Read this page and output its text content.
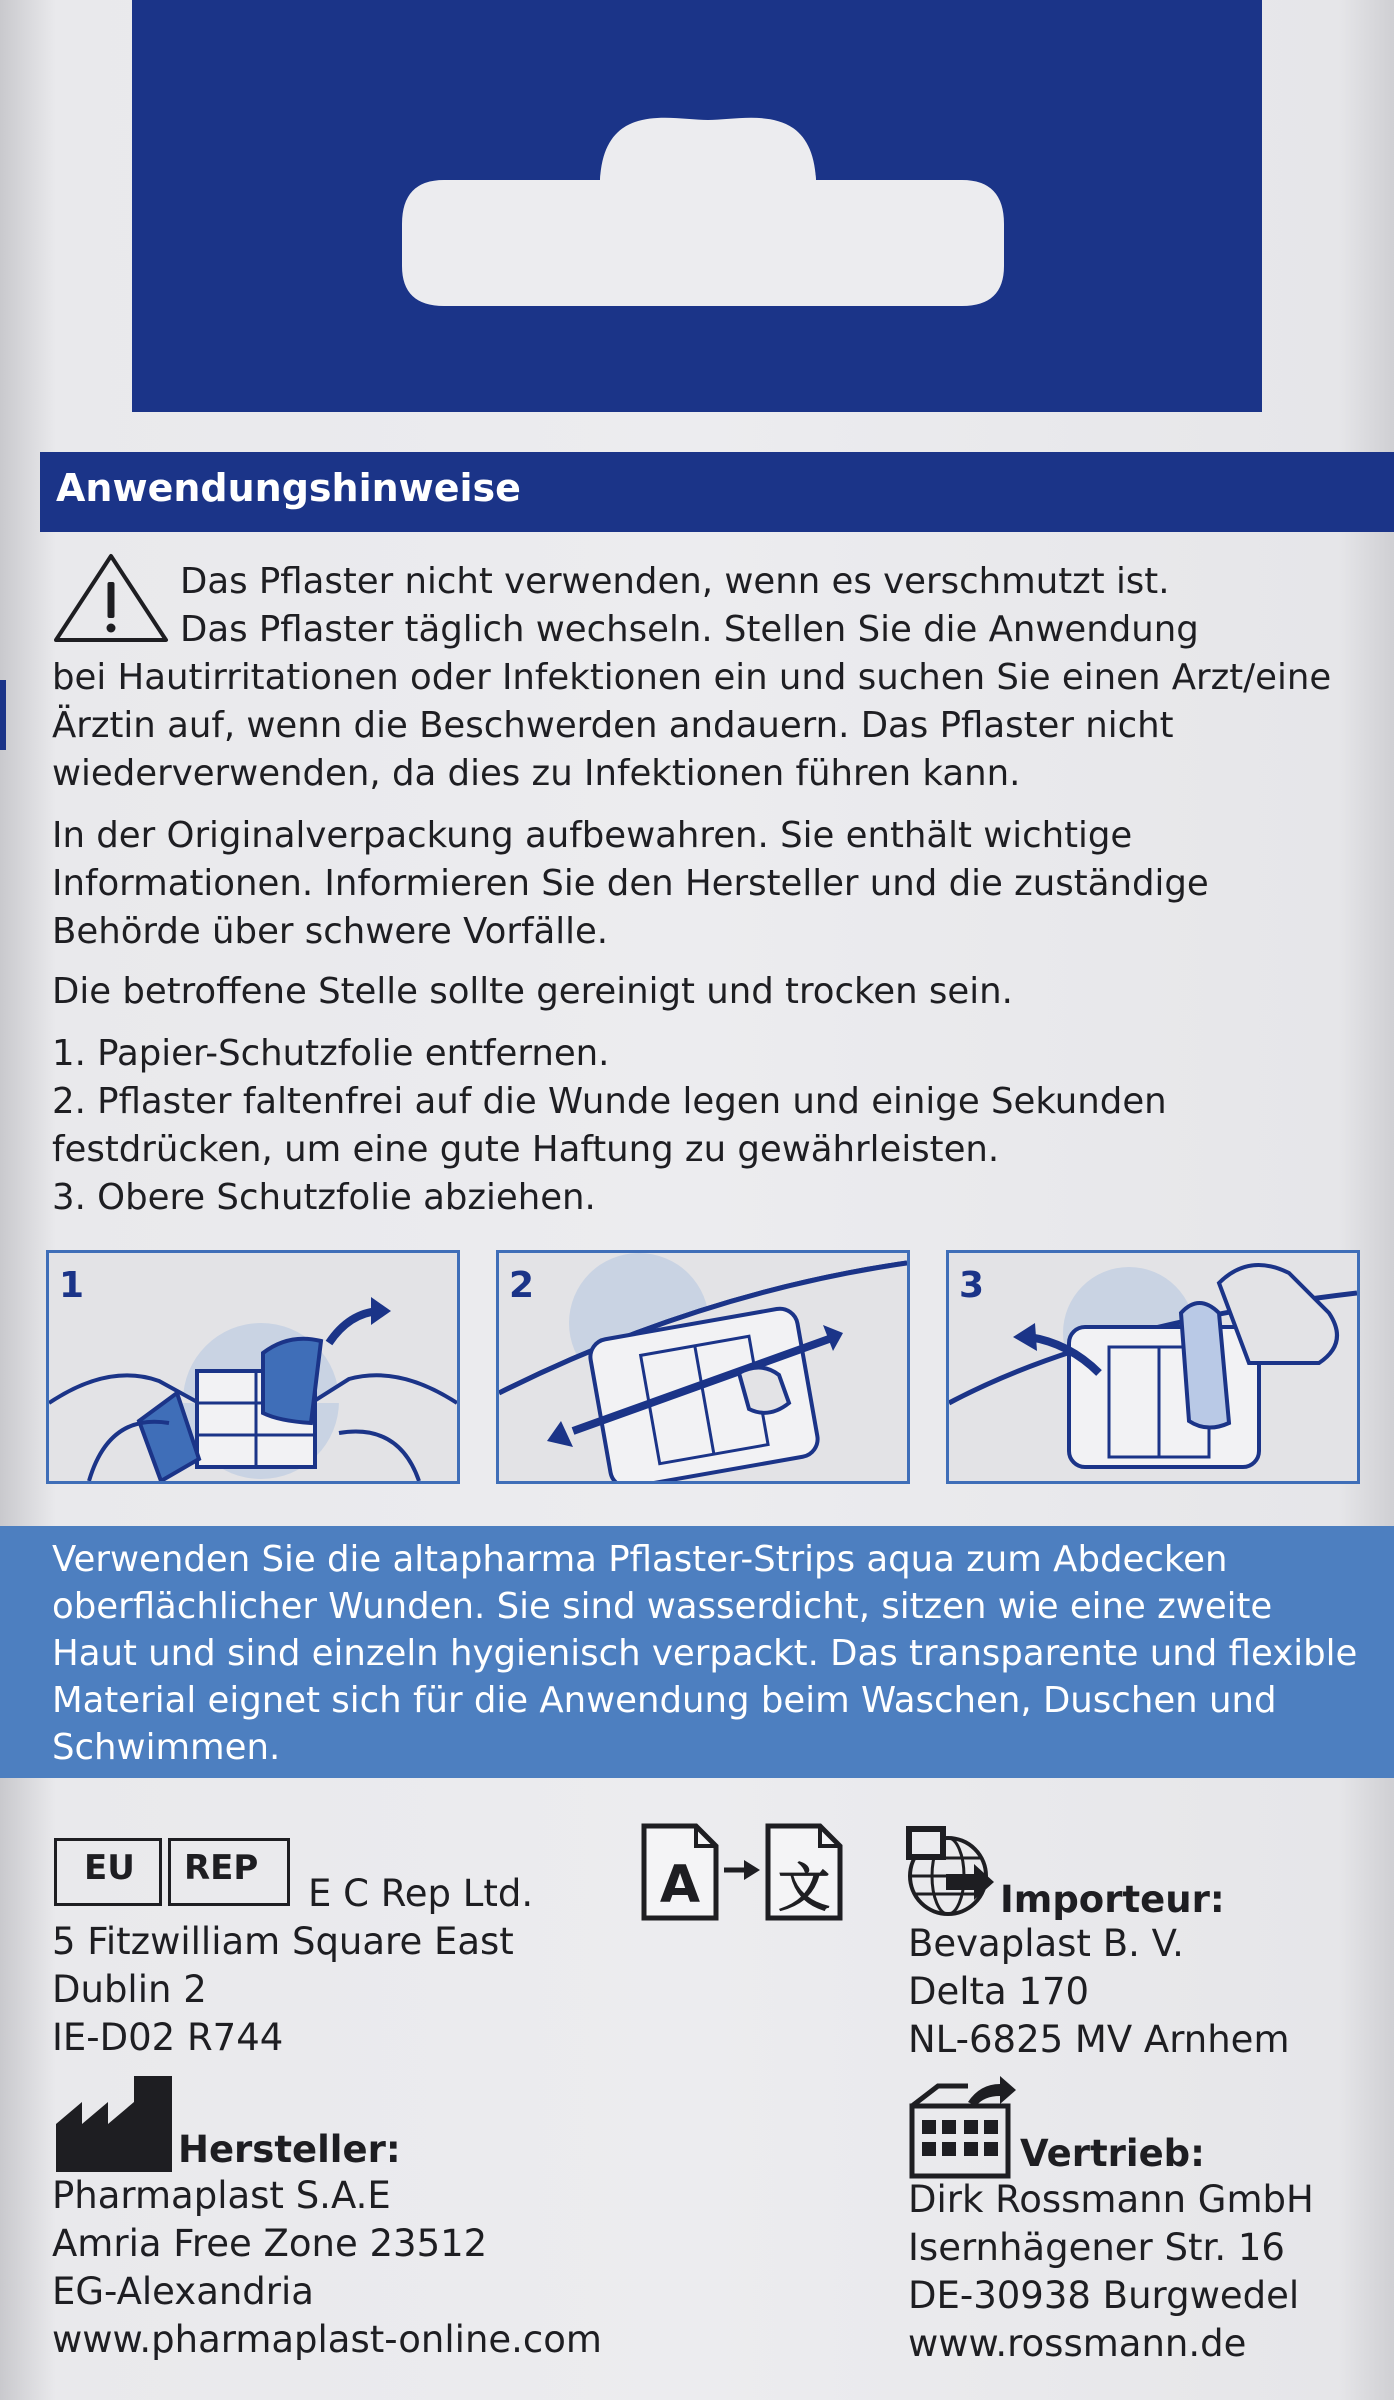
Anwendungshinweise

Das Pflaster nicht verwenden, wenn es verschmutzt ist.

Das Pflaster täglich wechseln. Stellen Sie die Anwendung

bei Hautirritationen oder Infektionen ein und suchen Sie einen Arzt/eine Ärztin auf, wenn die Beschwerden andauern. Das Pflaster nicht wiederverwenden, da dies zu Infektionen führen kann.

In der Originalverpackung aufbewahren. Sie enthält wichtige Informationen. Informieren Sie den Hersteller und die zuständige Behörde über schwere Vorfälle.

Die betroffene Stelle sollte gereinigt und trocken sein.

1. Papier-Schutzfolie entfernen.

2. Pflaster faltenfrei auf die Wunde legen und einige Sekunden festdrücken, um eine gute Haftung zu gewährleisten.

3. Obere Schutzfolie abziehen.

1	2	3

Verwenden Sie die altapharma Pflaster-Strips aqua zum Abdecken oberflächlicher Wunden. Sie sind wasserdicht, sitzen wie eine zweite Haut und sind einzeln hygienisch verpackt. Das transparente und flexible Material eignet sich für die Anwendung beim Waschen, Duschen und Schwimmen.

EU REP
E C Rep Ltd.
5 Fitzwilliam Square East
Dublin 2
IE-D02 R744
A 文	Importeur:
Bevaplast B. V.
Delta 170
NL-6825 MV Arnhem
Hersteller:
Pharmaplast S.A.E
Amria Free Zone 23512
EG-Alexandria
www.pharmaplast-online.com
Vertrieb:
Dirk Rossmann GmbH
Isernhägener Str. 16
DE-30938 Burgwedel
www.rossmann.de
